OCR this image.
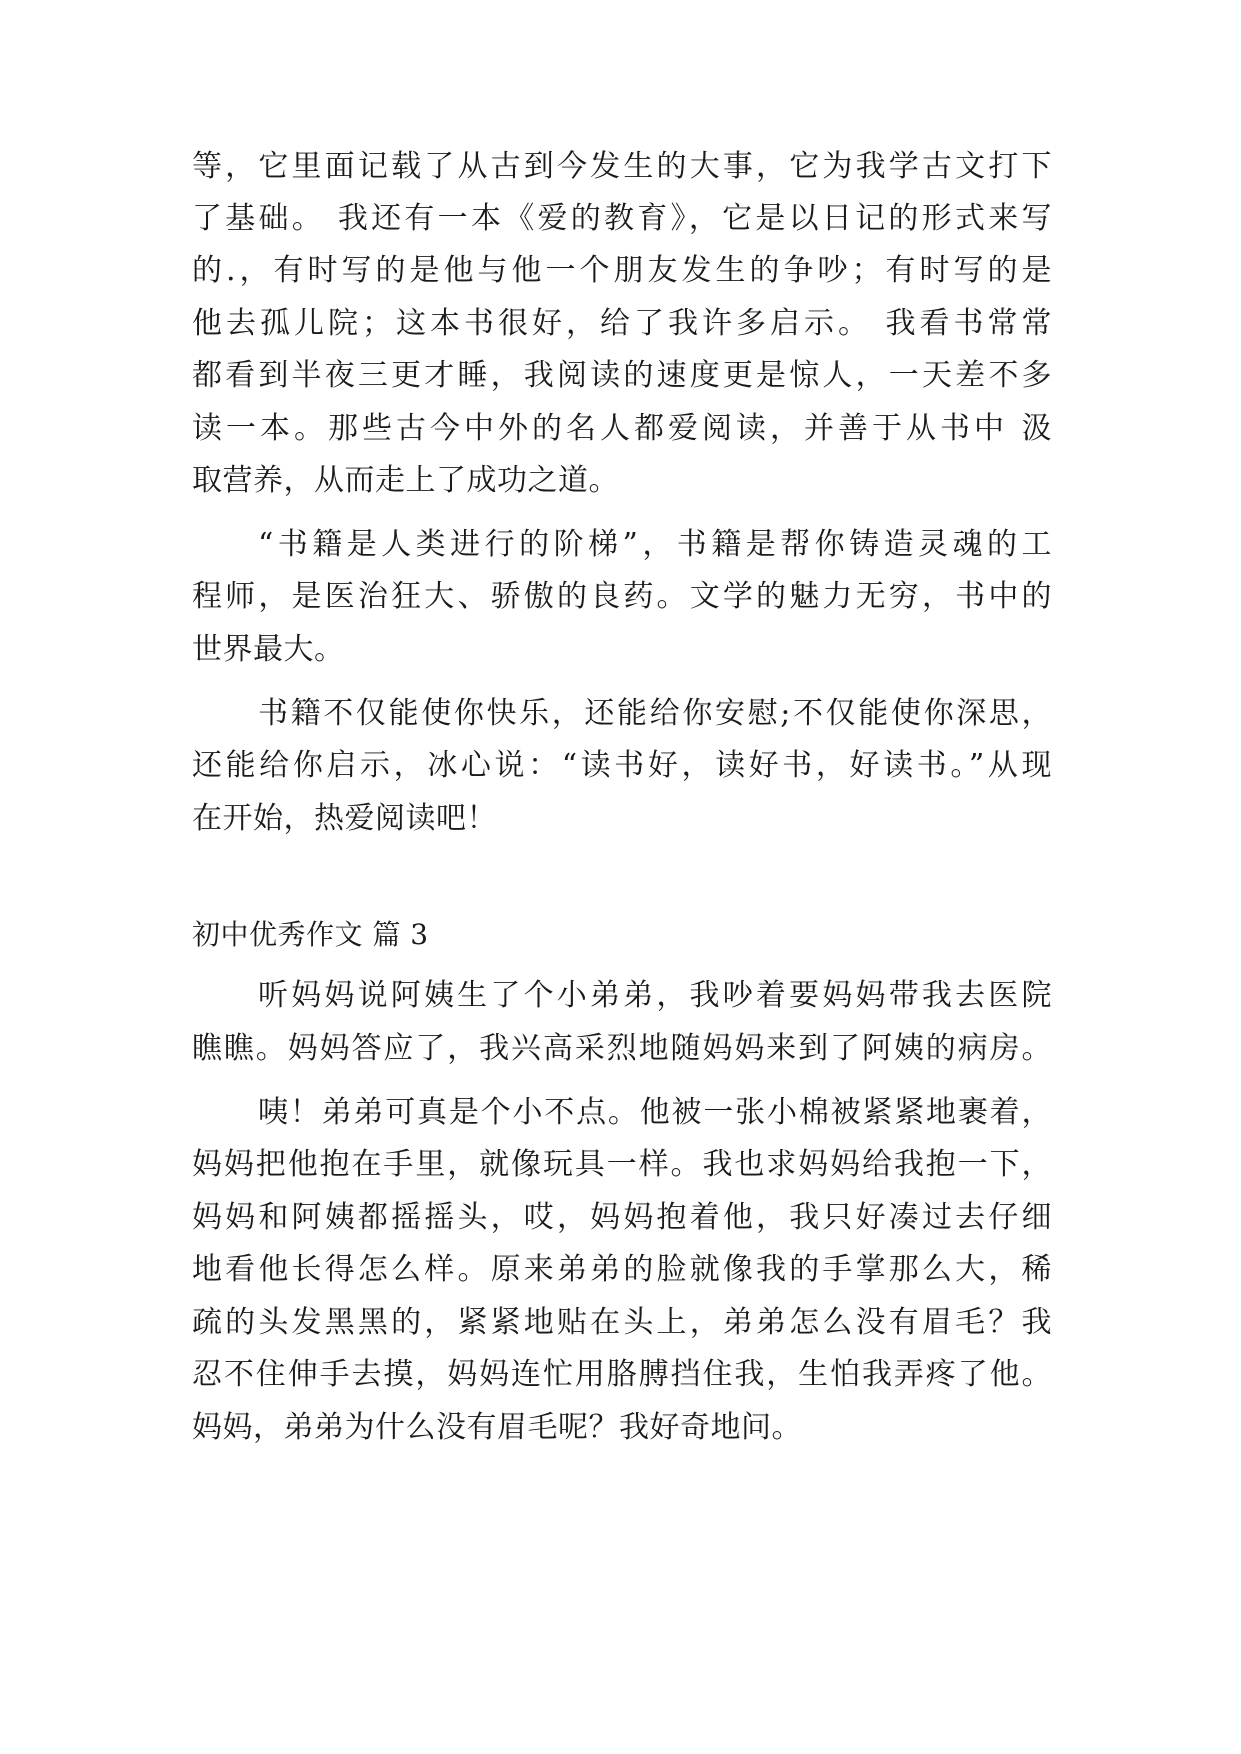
等，它里面记载了从古到今发生的大事，它为我学古文打下
了基础。 我还有一本《爱的教育》，它是以日记的形式来写
的.，有时写的是他与他一个朋友发生的争吵；有时写的是
他去孤儿院；这本书很好，给了我许多启示。 我看书常常
都看到半夜三更才睡，我阅读的速度更是惊人，一天差不多
读一本。那些古今中外的名人都爱阅读，并善于从书中 汲
取营养，从而走上了成功之道。
“书籍是人类进行的阶梯”，书籍是帮你铸造灵魂的工
程师，是医治狂大、骄傲的良药。文学的魅力无穷，书中的
世界最大。
书籍不仅能使你快乐，还能给你安慰;不仅能使你深思，
还能给你启示，冰心说：“读书好，读好书，好读书。”从现
在开始，热爱阅读吧！
初中优秀作文 篇 3
听妈妈说阿姨生了个小弟弟，我吵着要妈妈带我去医院
瞧瞧。妈妈答应了，我兴高采烈地随妈妈来到了阿姨的病房。
咦！弟弟可真是个小不点。他被一张小棉被紧紧地裹着，
妈妈把他抱在手里，就像玩具一样。我也求妈妈给我抱一下，
妈妈和阿姨都摇摇头，哎，妈妈抱着他，我只好凑过去仔细
地看他长得怎么样。原来弟弟的脸就像我的手掌那么大，稀
疏的头发黑黑的，紧紧地贴在头上，弟弟怎么没有眉毛？我
忍不住伸手去摸，妈妈连忙用胳膊挡住我，生怕我弄疼了他。
妈妈，弟弟为什么没有眉毛呢？我好奇地问。
